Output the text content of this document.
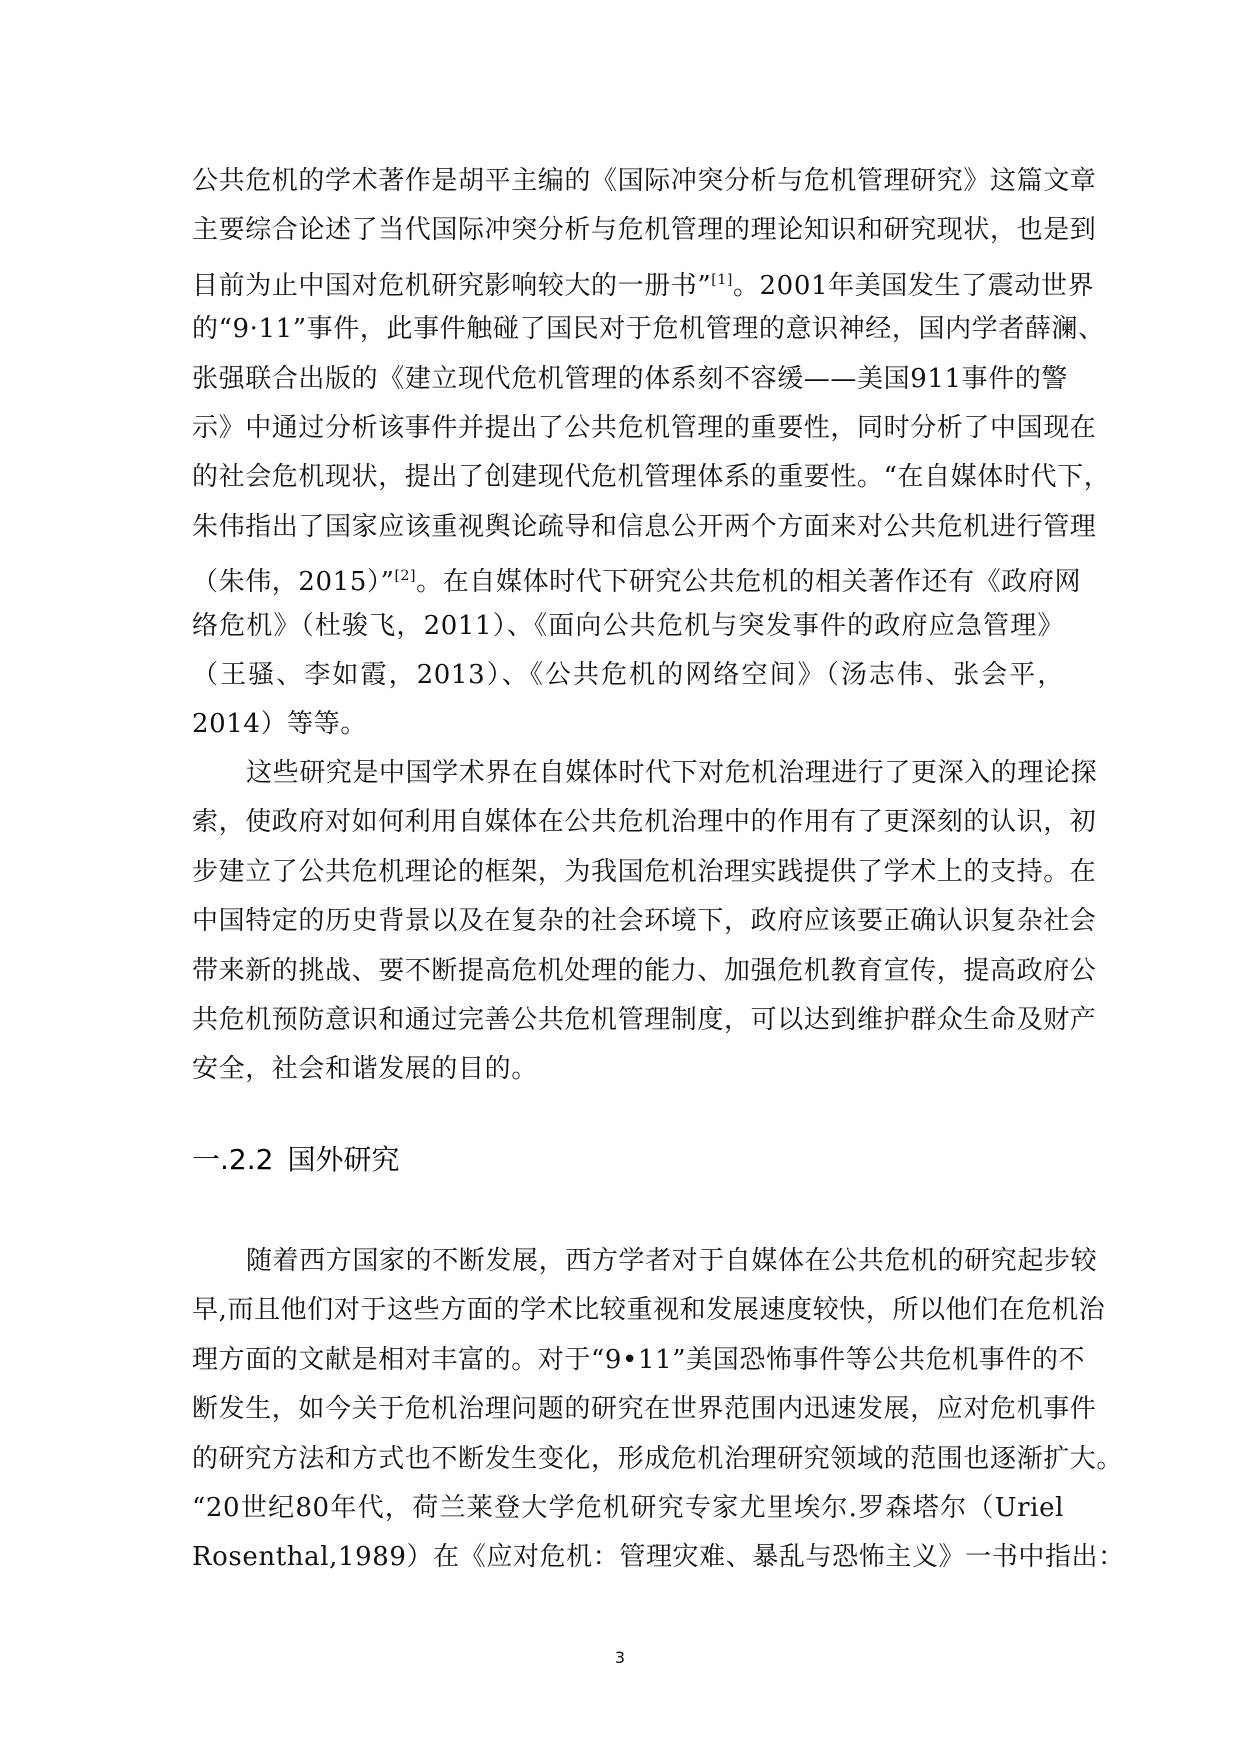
公共危机的学术著作是胡平主编的《国际冲突分析与危机管理研究》这篇文章
主要综合论述了当代国际冲突分析与危机管理的理论知识和研究现状，也是到
目前为止中国对危机研究影响较大的一册书”[1]。2001年美国发生了震动世界
的“9·11”事件，此事件触碰了国民对于危机管理的意识神经，国内学者薛澜、
张强联合出版的《建立现代危机管理的体系刻不容缓——美国911事件的警
示》中通过分析该事件并提出了公共危机管理的重要性，同时分析了中国现在
的社会危机现状，提出了创建现代危机管理体系的重要性。“在自媒体时代下，
朱伟指出了国家应该重视舆论疏导和信息公开两个方面来对公共危机进行管理
（朱伟，2015）”[2]。在自媒体时代下研究公共危机的相关著作还有《政府网
络危机》（杜骏飞，2011）、《面向公共危机与突发事件的政府应急管理》
（王骚、李如霞，2013）、《公共危机的网络空间》（汤志伟、张会平，
2014）等等。
这些研究是中国学术界在自媒体时代下对危机治理进行了更深入的理论探
索，使政府对如何利用自媒体在公共危机治理中的作用有了更深刻的认识，初
步建立了公共危机理论的框架，为我国危机治理实践提供了学术上的支持。在
中国特定的历史背景以及在复杂的社会环境下，政府应该要正确认识复杂社会
带来新的挑战、要不断提高危机处理的能力、加强危机教育宣传，提高政府公
共危机预防意识和通过完善公共危机管理制度，可以达到维护群众生命及财产
安全，社会和谐发展的目的。
一.2.2 国外研究
随着西方国家的不断发展，西方学者对于自媒体在公共危机的研究起步较
早,而且他们对于这些方面的学术比较重视和发展速度较快，所以他们在危机治
理方面的文献是相对丰富的。对于“9•11”美国恐怖事件等公共危机事件的不
断发生，如今关于危机治理问题的研究在世界范围内迅速发展，应对危机事件
的研究方法和方式也不断发生变化，形成危机治理研究领域的范围也逐渐扩大。
“20世纪80年代，荷兰莱登大学危机研究专家尤里埃尔.罗森塔尔（Uriel
Rosenthal,1989）在《应对危机：管理灾难、暴乱与恐怖主义》一书中指出：
3
